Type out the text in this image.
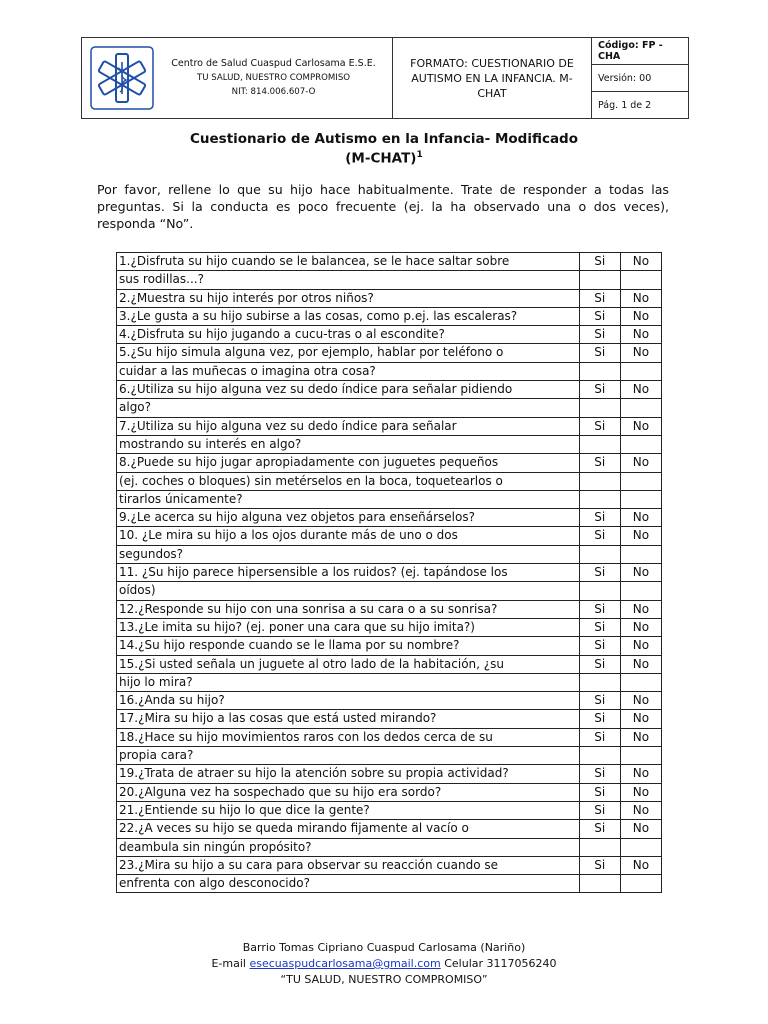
Centro de Salud Cuaspud Carlosama E.S.E.
TU SALUD, NUESTRO COMPROMISO
NIT: 814.006.607-O
FORMATO: CUESTIONARIO DE AUTISMO EN LA INFANCIA. M-CHAT
Código: FP - CHA
Versión: 00
Pág. 1 de 2
Cuestionario de Autismo en la Infancia- Modificado
(M-CHAT)$^1$
Por favor, rellene lo que su hijo hace habitualmente. Trate de responder a todas las preguntas. Si la conducta es poco frecuente (ej. la ha observado una o dos veces), responda “No”.
1.¿Disfruta su hijo cuando se le balancea, se le hace saltar sobre	Si	No
sus rodillas...?		
2.¿Muestra su hijo interés por otros niños?	Si	No
3.¿Le gusta a su hijo subirse a las cosas, como p.ej. las escaleras?	Si	No
4.¿Disfruta su hijo jugando a cucu-tras o al escondite?	Si	No
5.¿Su hijo simula alguna vez, por ejemplo, hablar por teléfono o	Si	No
cuidar a las muñecas o imagina otra cosa?		
6.¿Utiliza su hijo alguna vez su dedo índice para señalar pidiendo	Si	No
algo?		
7.¿Utiliza su hijo alguna vez su dedo índice para señalar	Si	No
mostrando su interés en algo?		
8.¿Puede su hijo jugar apropiadamente con juguetes pequeños	Si	No
(ej. coches o bloques) sin metérselos en la boca, toquetearlos o		
tirarlos únicamente?		
9.¿Le acerca su hijo alguna vez objetos para enseñárselos?	Si	No
10. ¿Le mira su hijo a los ojos durante más de uno o dos	Si	No
segundos?		
11. ¿Su hijo parece hipersensible a los ruidos? (ej. tapándose los	Si	No
oídos)		
12.¿Responde su hijo con una sonrisa a su cara o a su sonrisa?	Si	No
13.¿Le imita su hijo? (ej. poner una cara que su hijo imita?)	Si	No
14.¿Su hijo responde cuando se le llama por su nombre?	Si	No
15.¿Si usted señala un juguete al otro lado de la habitación, ¿su	Si	No
hijo lo mira?		
16.¿Anda su hijo?	Si	No
17.¿Mira su hijo a las cosas que está usted mirando?	Si	No
18.¿Hace su hijo movimientos raros con los dedos cerca de su	Si	No
propia cara?		
19.¿Trata de atraer su hijo la atención sobre su propia actividad?	Si	No
20.¿Alguna vez ha sospechado que su hijo era sordo?	Si	No
21.¿Entiende su hijo lo que dice la gente?	Si	No
22.¿A veces su hijo se queda mirando fijamente al vacío o	Si	No
deambula sin ningún propósito?		
23.¿Mira su hijo a su cara para observar su reacción cuando se	Si	No
enfrenta con algo desconocido?		
Barrio Tomas Cipriano Cuaspud Carlosama (Nariño)
E-mail esecuaspudcarlosama@gmail.com Celular 3117056240
“TU SALUD, NUESTRO COMPROMISO”
